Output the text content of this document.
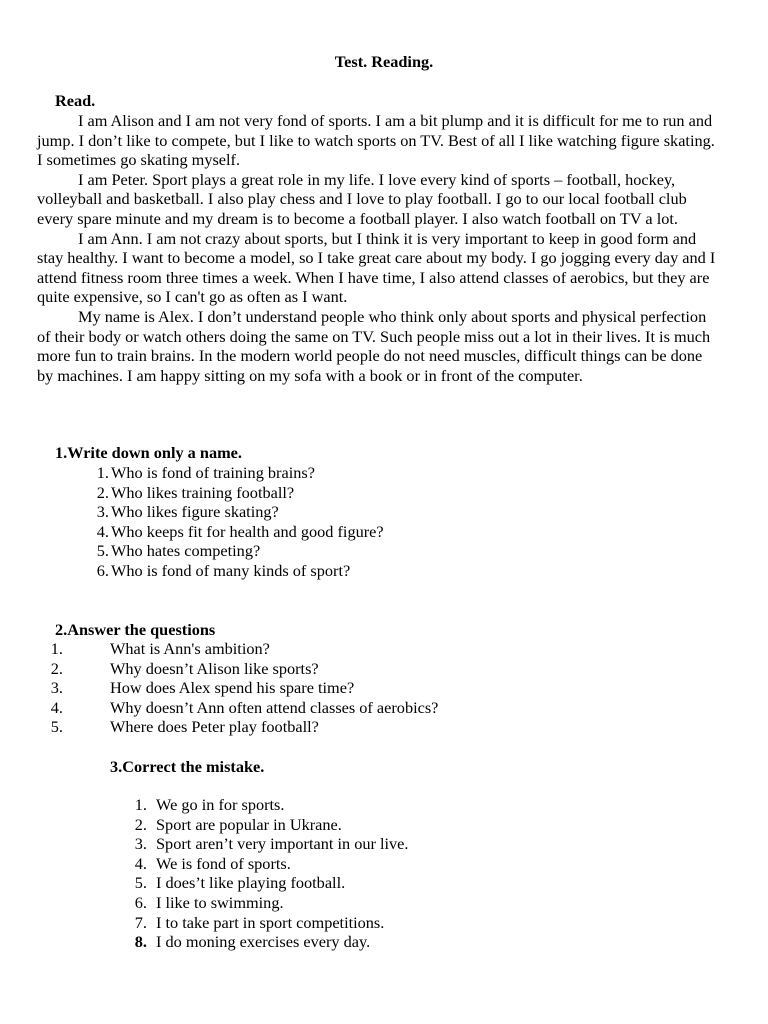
Test. Reading.
Read.

I am Alison and I am not very fond of sports. I am a bit plump and it is difficult for me to run and jump. I don’t like to compete, but I like to watch sports on TV. Best of all I like watching figure skating. I sometimes go skating myself.

I am Peter. Sport plays a great role in my life. I love every kind of sports – football, hockey, volleyball and basketball. I also play chess and I love to play football. I go to our local football club every spare minute and my dream is to become a football player. I also watch football on TV a lot.

I am Ann. I am not crazy about sports, but I think it is very important to keep in good form and stay healthy. I want to become a model, so I take great care about my body. I go jogging every day and I attend fitness room three times a week. When I have time, I also attend classes of aerobics, but they are quite expensive, so I can't go as often as I want.

My name is Alex. I don’t understand people who think only about sports and physical perfection of their body or watch others doing the same on TV. Such people miss out a lot in their lives. It is much more fun to train brains. In the modern world people do not need muscles, difficult things can be done by machines. I am happy sitting on my sofa with a book or in front of the computer.

1.Write down only a name.
1. Who is fond of training brains?
2. Who likes training football?
3. Who likes figure skating?
4. Who keeps fit for health and good figure?
5. Who hates competing?
6. Who is fond of many kinds of sport?
2.Answer the questions
1.	What is Ann's ambition?
2.	Why doesn’t Alison like sports?
3.	How does Alex spend his spare time?
4.	Why doesn’t Ann often attend classes of aerobics?
5.	Where does Peter play football?
3.Correct the mistake.
1. We go in for sports.
2. Sport are popular in Ukrane.
3. Sport aren’t very important in our live.
4. We is fond of sports.
5. I does’t like playing football.
6. I like to swimming.
7. I to take part in sport competitions.
8. I do moning exercises every day.
